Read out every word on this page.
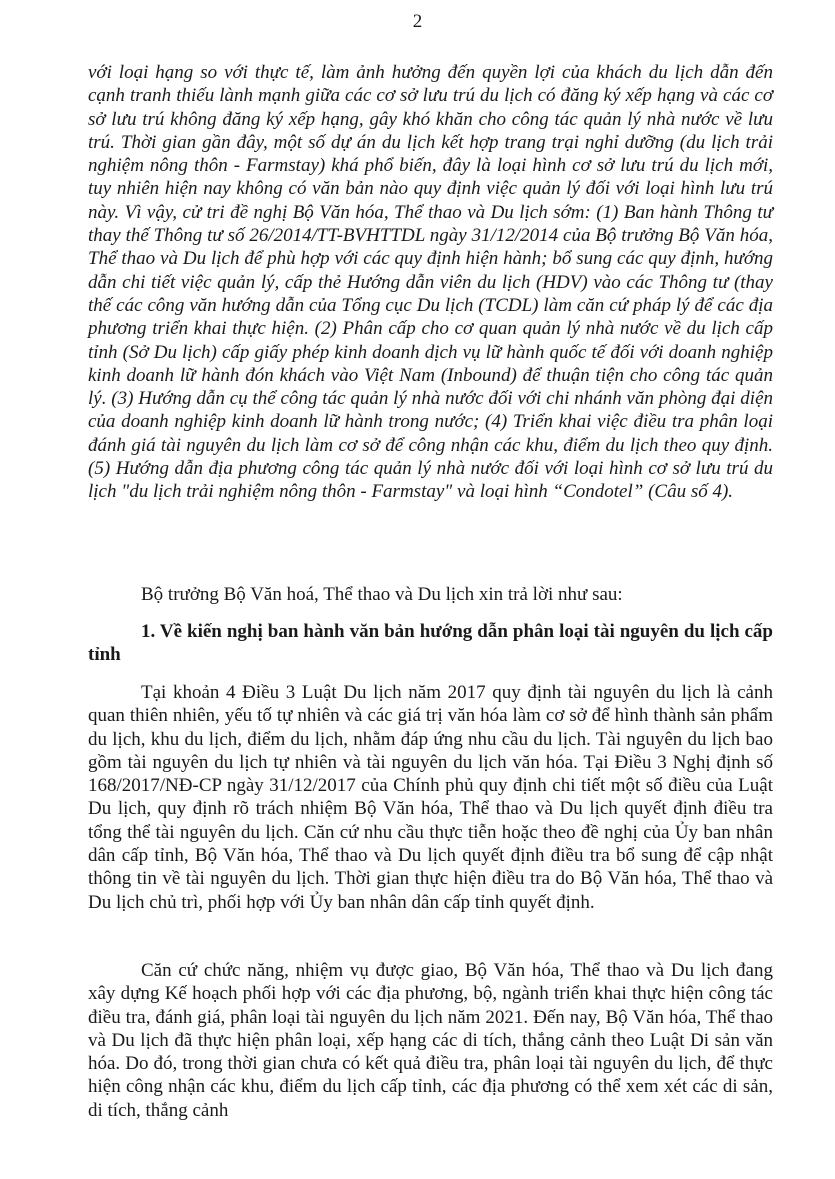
2

với loại hạng so với thực tế, làm ảnh hưởng đến quyền lợi của khách du lịch dẫn đến cạnh tranh thiếu lành mạnh giữa các cơ sở lưu trú du lịch có đăng ký xếp hạng và các cơ sở lưu trú không đăng ký xếp hạng, gây khó khăn cho công tác quản lý nhà nước về lưu trú. Thời gian gần đây, một số dự án du lịch kết hợp trang trại nghỉ dưỡng (du lịch trải nghiệm nông thôn - Farmstay) khá phổ biến, đây là loại hình cơ sở lưu trú du lịch mới, tuy nhiên hiện nay không có văn bản nào quy định việc quản lý đối với loại hình lưu trú này. Vì vậy, cử tri đề nghị Bộ Văn hóa, Thể thao và Du lịch sớm: (1) Ban hành Thông tư thay thế Thông tư số 26/2014/TT-BVHTTDL ngày 31/12/2014 của Bộ trưởng Bộ Văn hóa, Thể thao và Du lịch để phù hợp với các quy định hiện hành; bổ sung các quy định, hướng dẫn chi tiết việc quản lý, cấp thẻ Hướng dẫn viên du lịch (HDV) vào các Thông tư (thay thế các công văn hướng dẫn của Tổng cục Du lịch (TCDL) làm căn cứ pháp lý để các địa phương triển khai thực hiện. (2) Phân cấp cho cơ quan quản lý nhà nước về du lịch cấp tỉnh (Sở Du lịch) cấp giấy phép kinh doanh dịch vụ lữ hành quốc tế đối với doanh nghiệp kinh doanh lữ hành đón khách vào Việt Nam (Inbound) để thuận tiện cho công tác quản lý. (3) Hướng dẫn cụ thể công tác quản lý nhà nước đối với chi nhánh văn phòng đại diện của doanh nghiệp kinh doanh lữ hành trong nước; (4) Triển khai việc điều tra phân loại đánh giá tài nguyên du lịch làm cơ sở để công nhận các khu, điểm du lịch theo quy định. (5) Hướng dẫn địa phương công tác quản lý nhà nước đối với loại hình cơ sở lưu trú du lịch "du lịch trải nghiệm nông thôn - Farmstay" và loại hình “Condotel” (Câu số 4).

Bộ trưởng Bộ Văn hoá, Thể thao và Du lịch xin trả lời như sau:

1. Về kiến nghị ban hành văn bản hướng dẫn phân loại tài nguyên du lịch cấp tỉnh

Tại khoản 4 Điều 3 Luật Du lịch năm 2017 quy định tài nguyên du lịch là cảnh quan thiên nhiên, yếu tố tự nhiên và các giá trị văn hóa làm cơ sở để hình thành sản phẩm du lịch, khu du lịch, điểm du lịch, nhằm đáp ứng nhu cầu du lịch. Tài nguyên du lịch bao gồm tài nguyên du lịch tự nhiên và tài nguyên du lịch văn hóa. Tại Điều 3 Nghị định số 168/2017/NĐ-CP ngày 31/12/2017 của Chính phủ quy định chi tiết một số điều của Luật Du lịch, quy định rõ trách nhiệm Bộ Văn hóa, Thể thao và Du lịch quyết định điều tra tổng thể tài nguyên du lịch. Căn cứ nhu cầu thực tiễn hoặc theo đề nghị của Ủy ban nhân dân cấp tỉnh, Bộ Văn hóa, Thể thao và Du lịch quyết định điều tra bổ sung để cập nhật thông tin về tài nguyên du lịch. Thời gian thực hiện điều tra do Bộ Văn hóa, Thể thao và Du lịch chủ trì, phối hợp với Ủy ban nhân dân cấp tỉnh quyết định.

Căn cứ chức năng, nhiệm vụ được giao, Bộ Văn hóa, Thể thao và Du lịch đang xây dựng Kế hoạch phối hợp với các địa phương, bộ, ngành triển khai thực hiện công tác điều tra, đánh giá, phân loại tài nguyên du lịch năm 2021. Đến nay, Bộ Văn hóa, Thể thao và Du lịch đã thực hiện phân loại, xếp hạng các di tích, thắng cảnh theo Luật Di sản văn hóa. Do đó, trong thời gian chưa có kết quả điều tra, phân loại tài nguyên du lịch, để thực hiện công nhận các khu, điểm du lịch cấp tỉnh, các địa phương có thể xem xét các di sản, di tích, thắng cảnh
